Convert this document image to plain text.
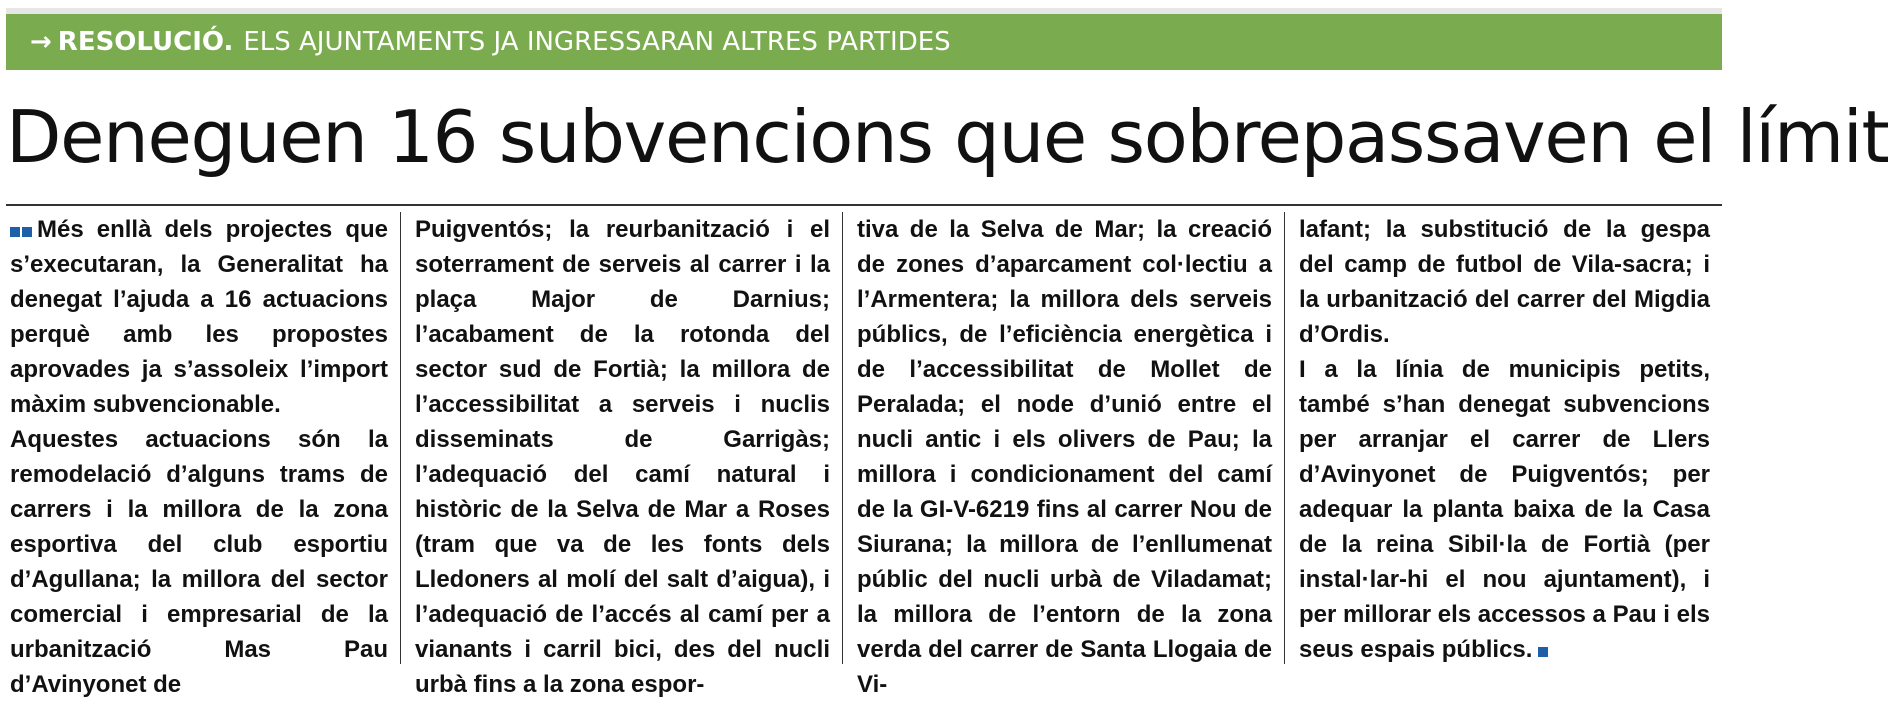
→ RESOLUCIÓ. ELS AJUNTAMENTS JA INGRESSARAN ALTRES PARTIDES
Deneguen 16 subvencions que sobrepassaven el límit

Més enllà dels projectes que s’executaran, la Generalitat ha denegat l’ajuda a 16 actuacions perquè amb les propostes aprovades ja s’assoleix l’import màxim subvencionable.

Aquestes actuacions són la remodelació d’alguns trams de carrers i la millora de la zona esportiva del club esportiu d’Agullana; la millora del sector comercial i empresarial de la urbanització Mas Pau d’Avinyonet de

Puigventós; la reurbanització i el soterrament de serveis al carrer i la plaça Major de Darnius; l’acabament de la rotonda del sector sud de Fortià; la millora de l’accessibilitat a serveis i nuclis disseminats de Garrigàs; l’adequació del camí natural i històric de la Selva de Mar a Roses (tram que va de les fonts dels Lledoners al molí del salt d’aigua), i l’adequació de l’accés al camí per a vianants i carril bici, des del nucli urbà fins a la zona espor-

tiva de la Selva de Mar; la creació de zones d’aparcament col·lectiu a l’Armentera; la millora dels serveis públics, de l’eficiència energètica i de l’accessibilitat de Mollet de Peralada; el node d’unió entre el nucli antic i els olivers de Pau; la millora i condicionament del camí de la GI-V-6219 fins al carrer Nou de Siurana; la millora de l’enllumenat públic del nucli urbà de Viladamat; la millora de l’entorn de la zona verda del carrer de Santa Llogaia de Vi-

lafant; la substitució de la gespa del camp de futbol de Vila-sacra; i la urbanització del carrer del Migdia d’Ordis.

I a la línia de municipis petits, també s’han denegat subvencions per arranjar el carrer de Llers d’Avinyonet de Puigventós; per adequar la planta baixa de la Casa de la reina Sibil·la de Fortià (per instal·lar-hi el nou ajuntament), i per millorar els accessos a Pau i els seus espais públics.
